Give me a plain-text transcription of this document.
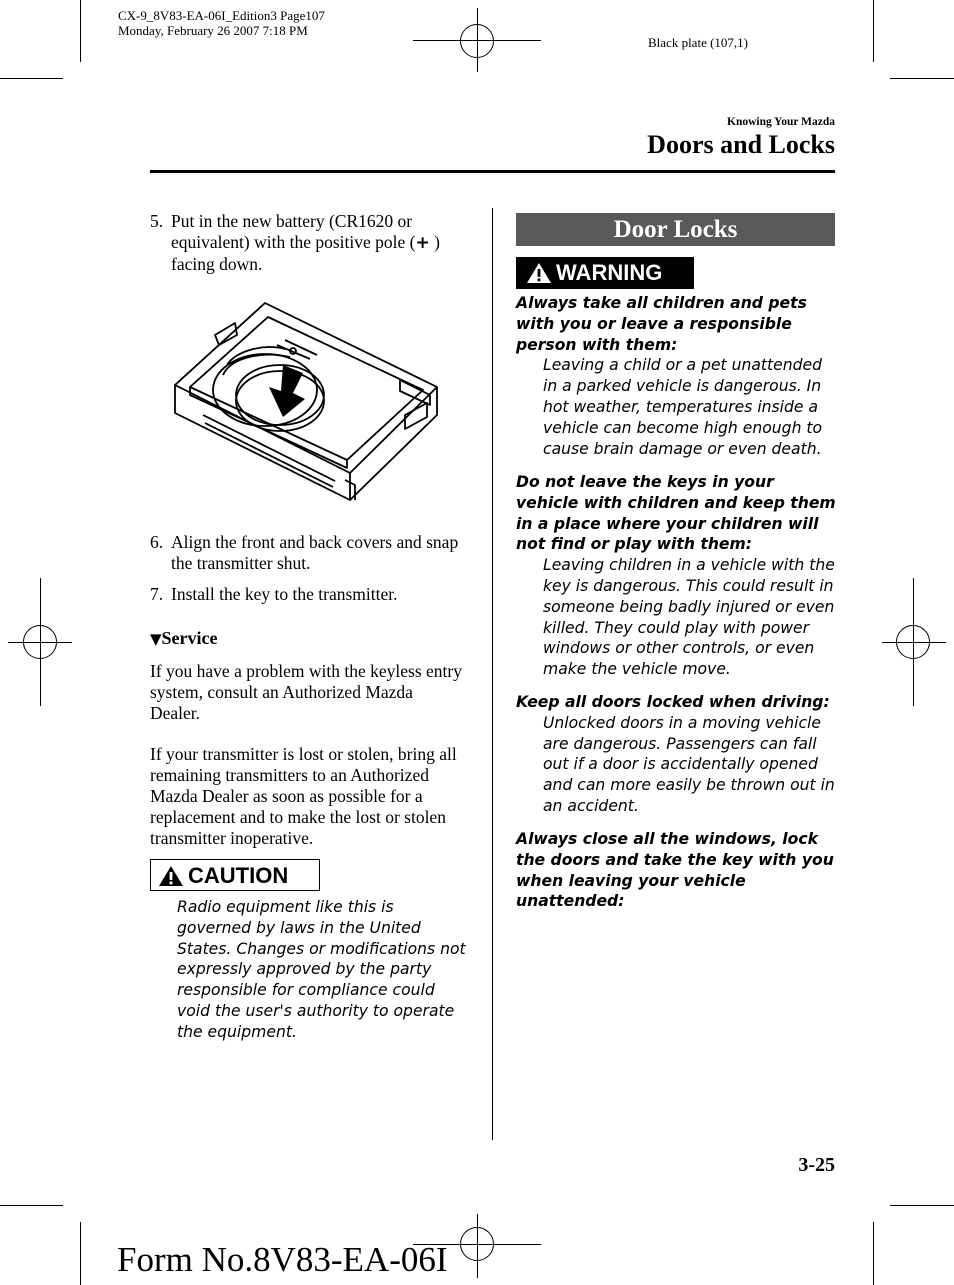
CX-9_8V83-EA-06I_Edition3 Page107
Monday, February 26 2007 7:18 PM
Black plate (107,1)
Knowing Your Mazda
Doors and Locks
5. Put in the new battery (CR1620 or equivalent) with the positive pole (+ ) facing down.
6. Align the front and back covers and snap the transmitter shut.
7. Install the key to the transmitter.
▼Service
If you have a problem with the keyless entry system, consult an Authorized Mazda Dealer.
If your transmitter is lost or stolen, bring all remaining transmitters to an Authorized Mazda Dealer as soon as possible for a replacement and to make the lost or stolen transmitter inoperative.
CAUTION
Radio equipment like this is governed by laws in the United States. Changes or modifications not expressly approved by the party responsible for compliance could void the user's authority to operate the equipment.
Door Locks
WARNING
Always take all children and pets with you or leave a responsible person with them:
Leaving a child or a pet unattended in a parked vehicle is dangerous. In hot weather, temperatures inside a vehicle can become high enough to cause brain damage or even death.
Do not leave the keys in your vehicle with children and keep them in a place where your children will not find or play with them:
Leaving children in a vehicle with the key is dangerous. This could result in someone being badly injured or even killed. They could play with power windows or other controls, or even make the vehicle move.
Keep all doors locked when driving:
Unlocked doors in a moving vehicle are dangerous. Passengers can fall out if a door is accidentally opened and can more easily be thrown out in an accident.
Always close all the windows, lock the doors and take the key with you when leaving your vehicle unattended:
3-25
Form No.8V83-EA-06I
